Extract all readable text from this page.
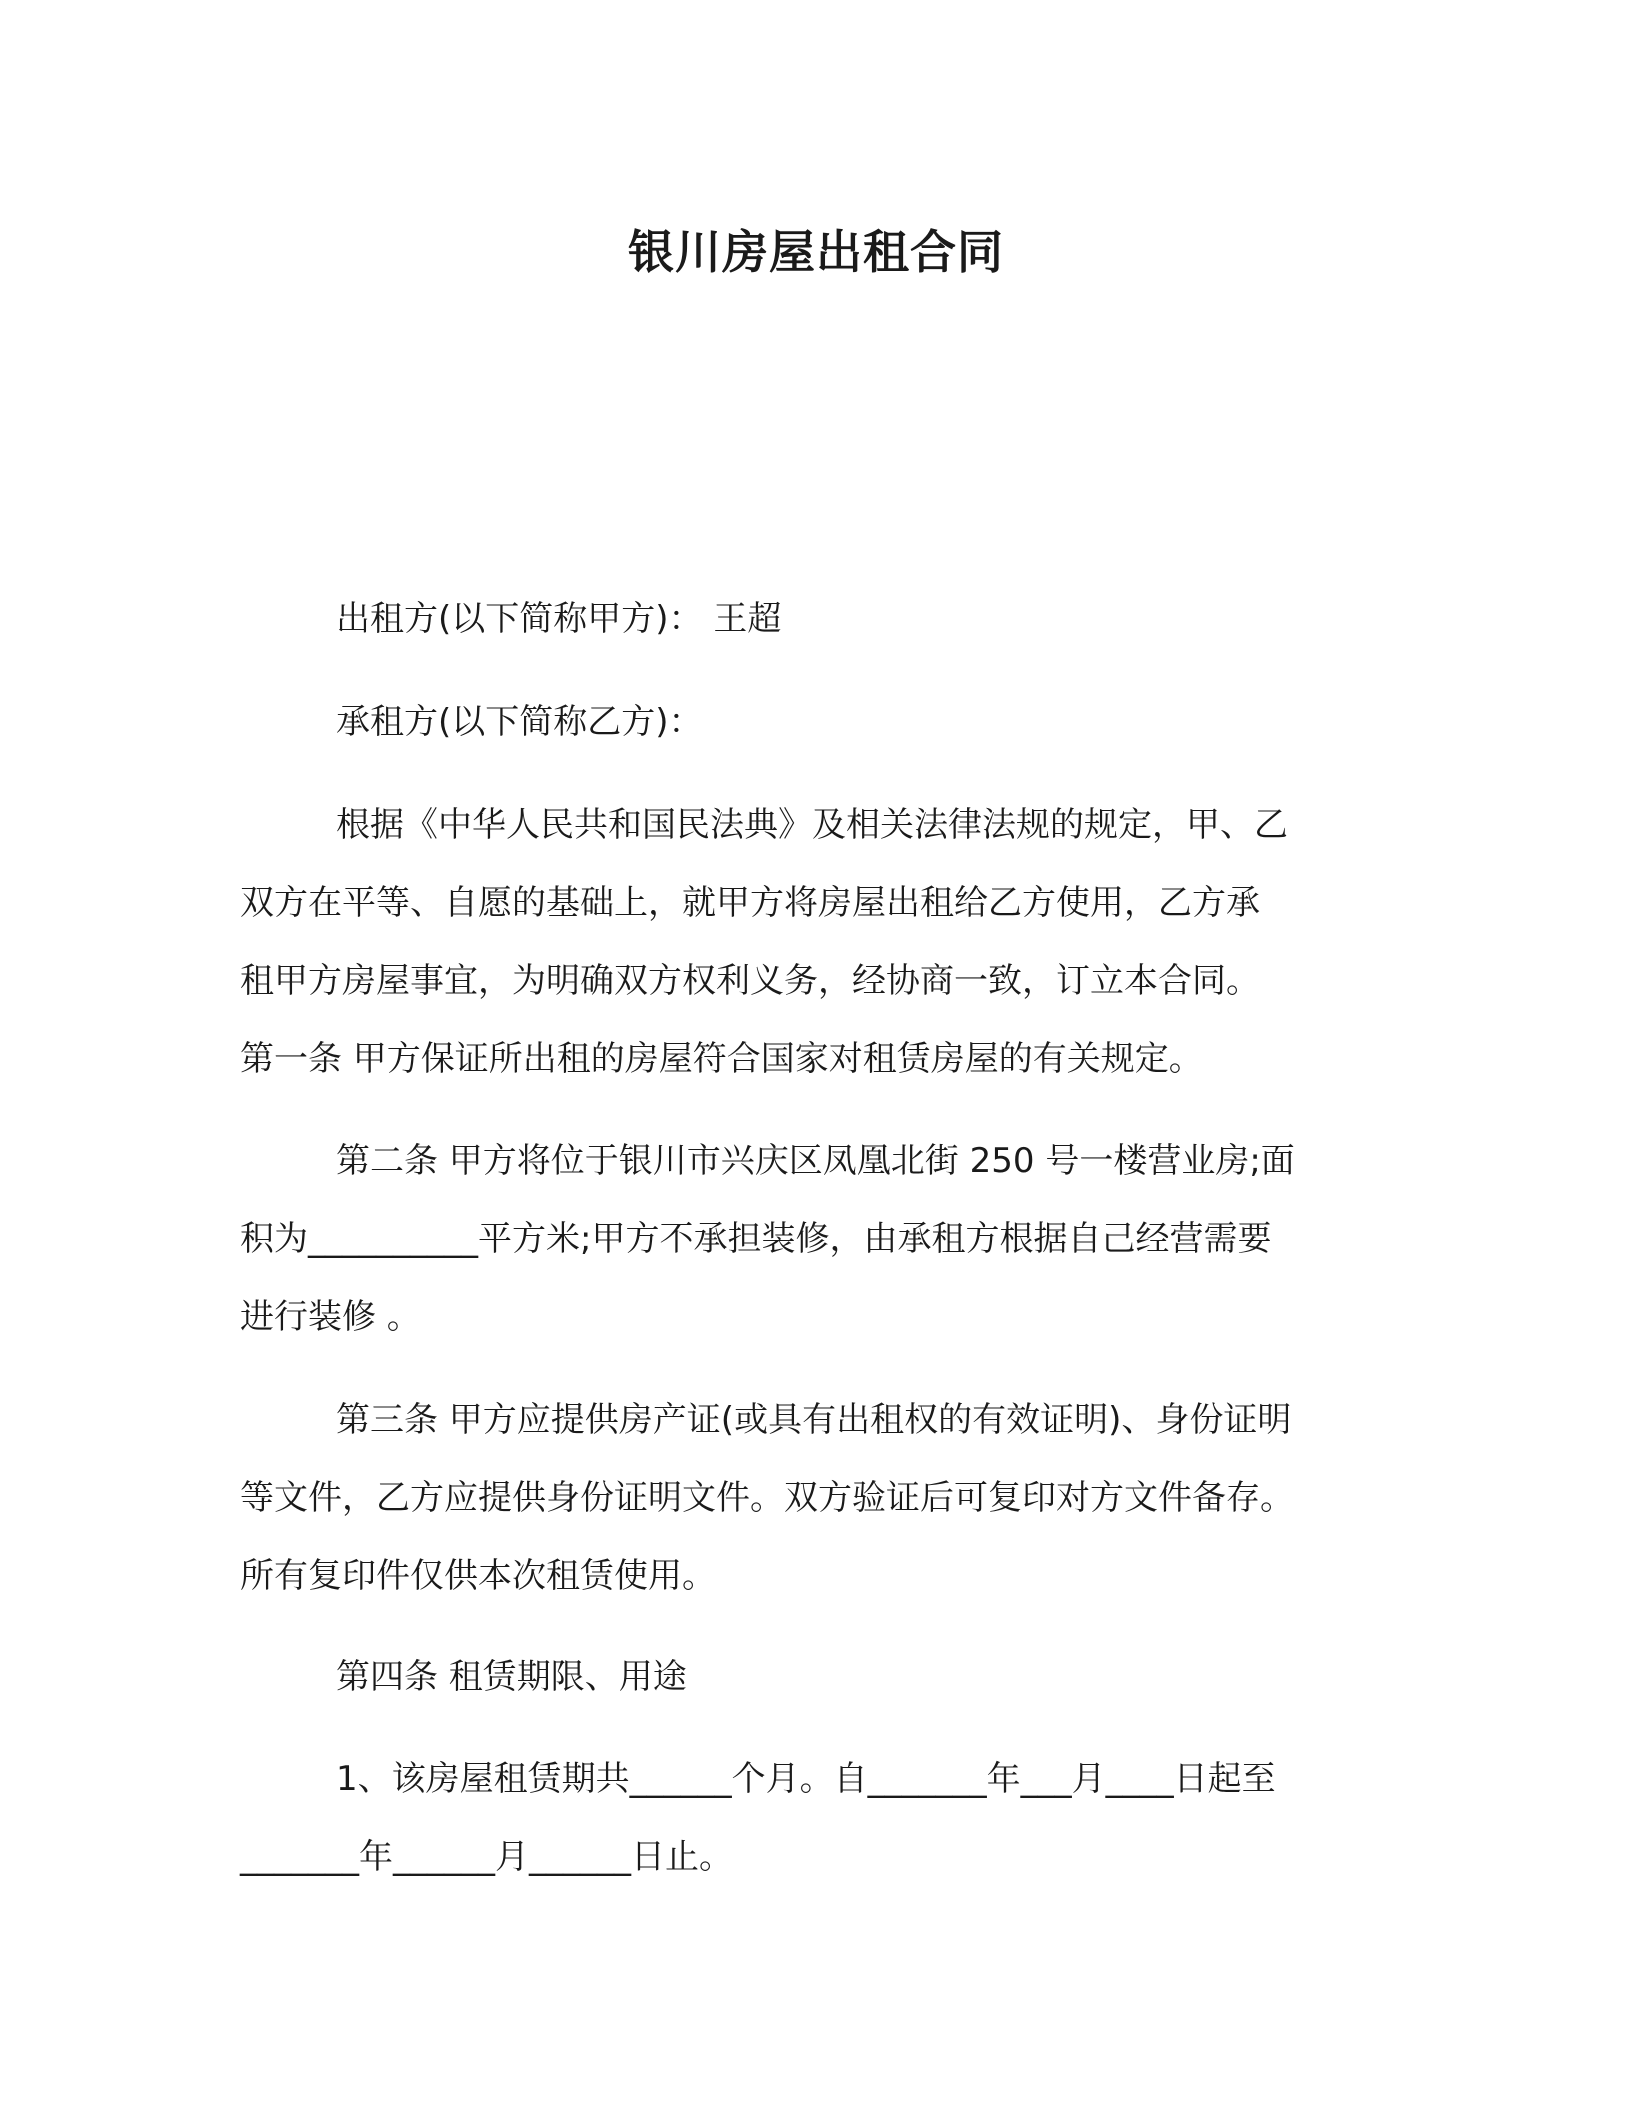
银川房屋出租合同
出租方(以下简称甲方)： 王超
承租方(以下简称乙方)：
根据《中华人民共和国民法典》及相关法律法规的规定，甲、乙
双方在平等、自愿的基础上，就甲方将房屋出租给乙方使用，乙方承
租甲方房屋事宜，为明确双方权利义务，经协商一致，订立本合同。
第一条 甲方保证所出租的房屋符合国家对租赁房屋的有关规定。
第二条 甲方将位于银川市兴庆区凤凰北街 250 号一楼营业房;面
积为__________平方米;甲方不承担装修，由承租方根据自己经营需要
进行装修 。
第三条 甲方应提供房产证(或具有出租权的有效证明)、身份证明
等文件，乙方应提供身份证明文件。双方验证后可复印对方文件备存。
所有复印件仅供本次租赁使用。
第四条 租赁期限、用途
1、该房屋租赁期共______个月。自_______年___月____日起至
_______年______月______日止。
